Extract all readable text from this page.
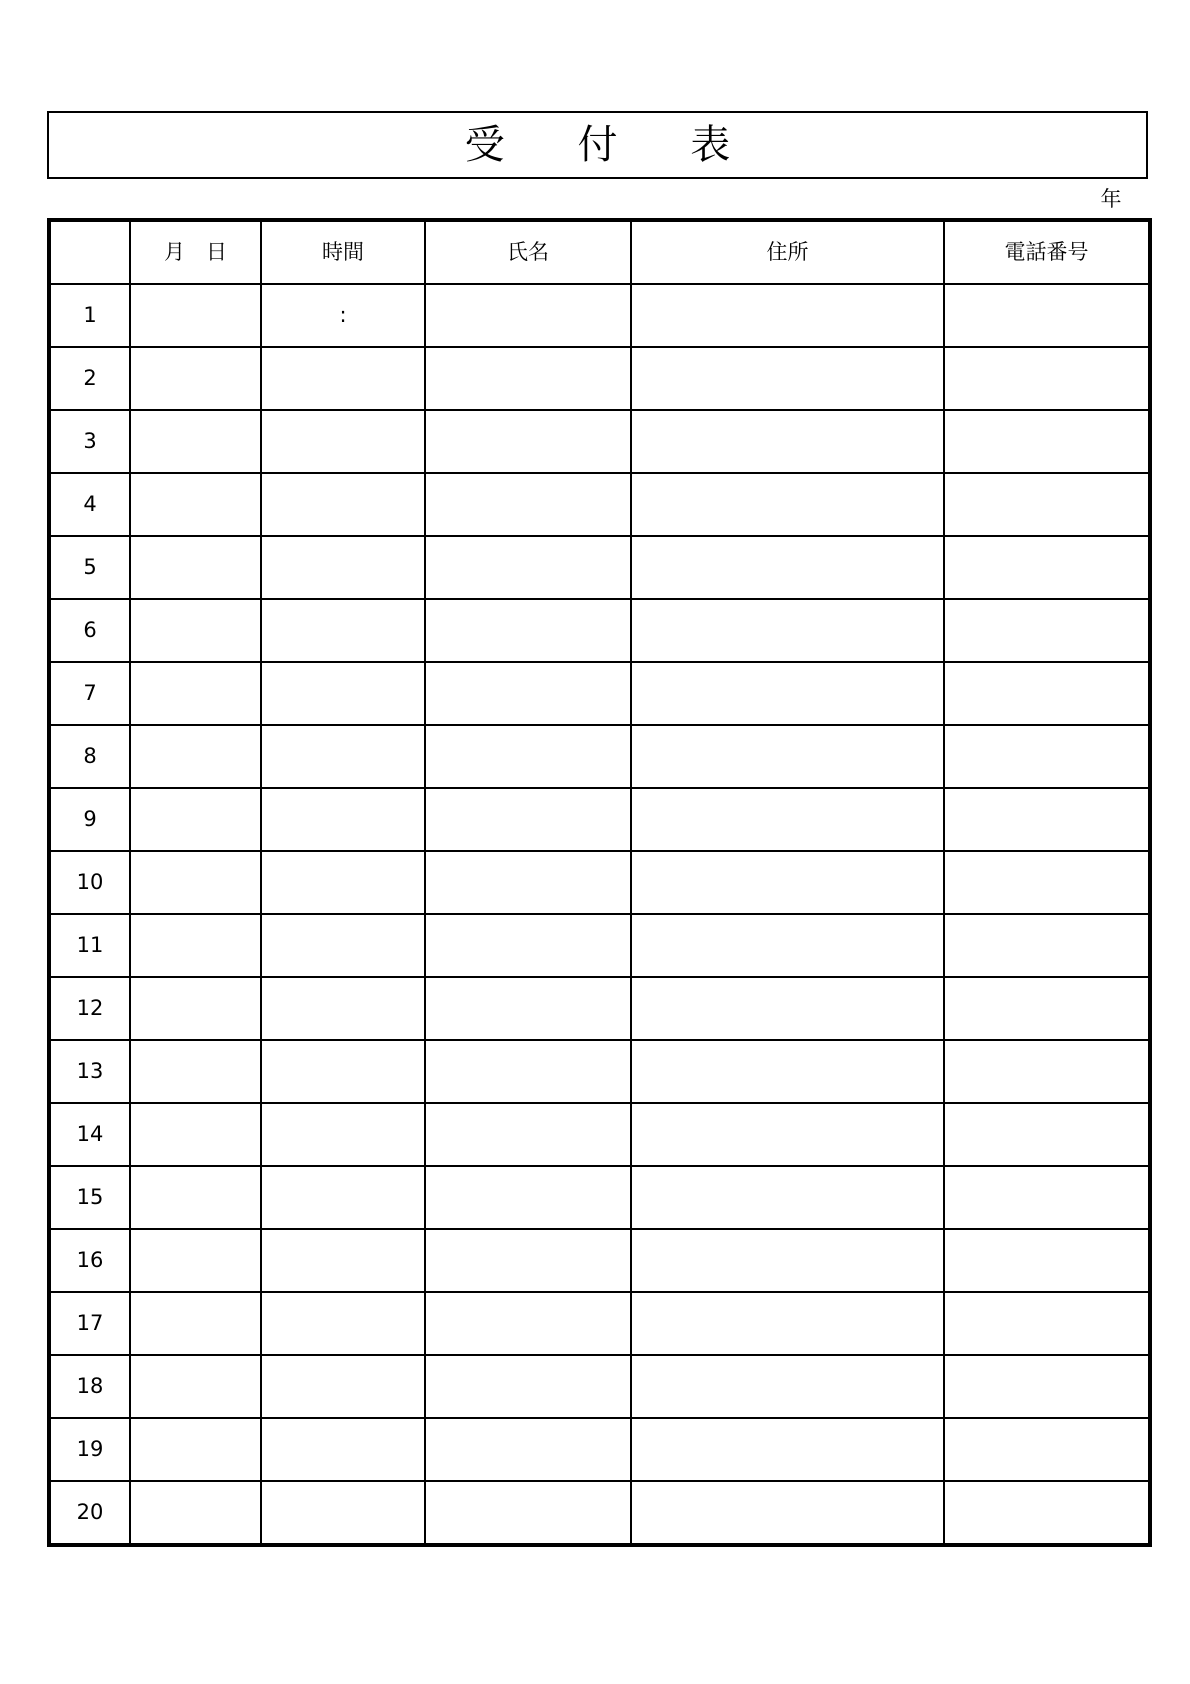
受 付 表
年
	月　日	時間	氏名	住所	電話番号
1		:			
2					
3					
4					
5					
6					
7					
8					
9					
10					
11					
12					
13					
14					
15					
16					
17					
18					
19					
20					
